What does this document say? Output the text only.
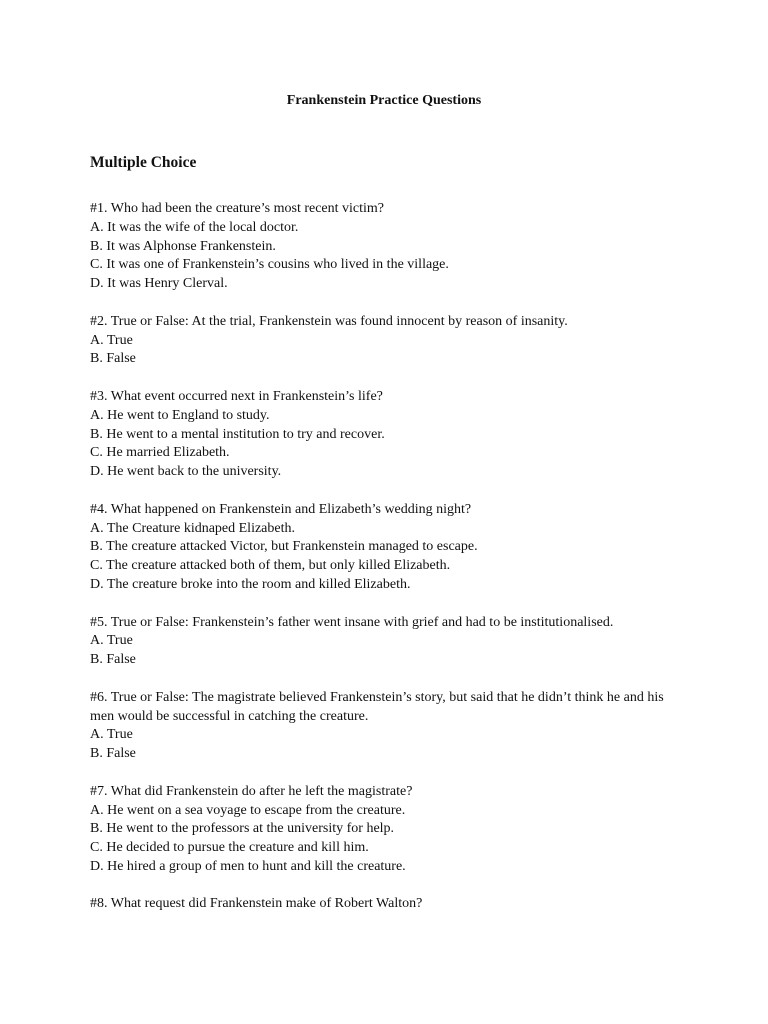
Frankenstein Practice Questions
Multiple Choice
#1. Who had been the creature’s most recent victim?
A. It was the wife of the local doctor.
B. It was Alphonse Frankenstein.
C. It was one of Frankenstein’s cousins who lived in the village.
D. It was Henry Clerval.
#2. True or False: At the trial, Frankenstein was found innocent by reason of insanity.
A. True
B. False
#3. What event occurred next in Frankenstein’s life?
A. He went to England to study.
B. He went to a mental institution to try and recover.
C. He married Elizabeth.
D. He went back to the university.
#4. What happened on Frankenstein and Elizabeth’s wedding night?
A. The Creature kidnaped Elizabeth.
B. The creature attacked Victor, but Frankenstein managed to escape.
C. The creature attacked both of them, but only killed Elizabeth.
D. The creature broke into the room and killed Elizabeth.
#5. True or False: Frankenstein’s father went insane with grief and had to be institutionalised.
A. True
B. False
#6. True or False: The magistrate believed Frankenstein’s story, but said that he didn’t think he and his men would be successful in catching the creature.
A. True
B. False
#7. What did Frankenstein do after he left the magistrate?
A. He went on a sea voyage to escape from the creature.
B. He went to the professors at the university for help.
C. He decided to pursue the creature and kill him.
D. He hired a group of men to hunt and kill the creature.
#8. What request did Frankenstein make of Robert Walton?
